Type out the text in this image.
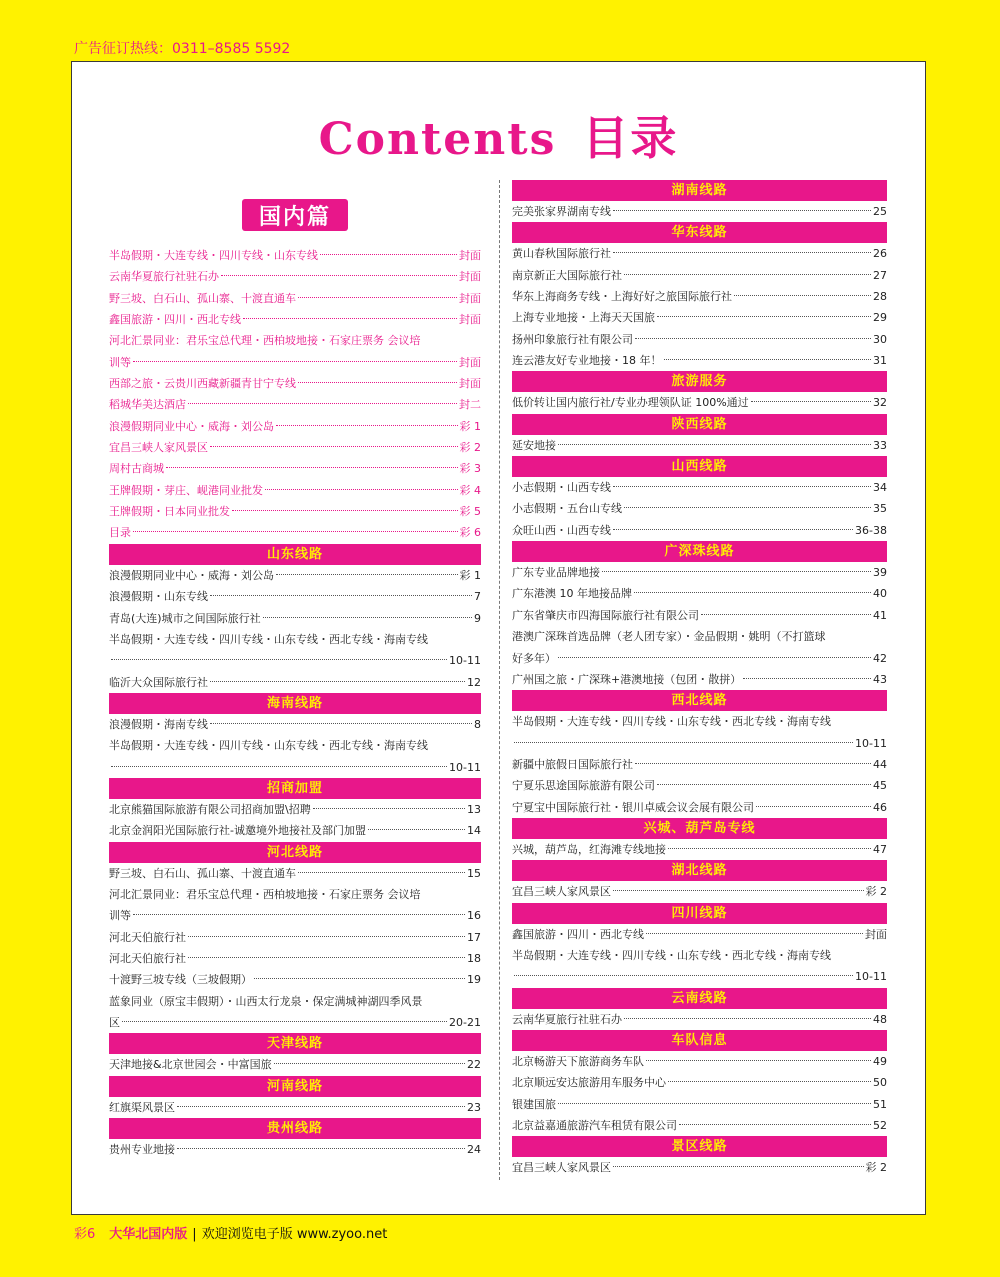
广告征订热线：0311–8585 5592
Contents 目录
国内篇
半岛假期・大连专线・四川专线・山东专线	封面
云南华夏旅行社驻石办	封面
野三坡、白石山、孤山寨、十渡直通车	封面
鑫国旅游・四川・西北专线	封面
河北汇景同业：君乐宝总代理・西柏坡地接・石家庄票务 会议培
训等	封面
西部之旅・云贵川西藏新疆青甘宁专线	封面
稻城华美达酒店	封二
浪漫假期同业中心・威海・刘公岛	彩 1
宜昌三峡人家风景区	彩 2
周村古商城	彩 3
王牌假期・芽庄、岘港同业批发	彩 4
王牌假期・日本同业批发	彩 5
目录	彩 6
山东线路
浪漫假期同业中心・威海・刘公岛	彩 1
浪漫假期・山东专线	7
青岛(大连)城市之间国际旅行社	9
半岛假期・大连专线・四川专线・山东专线・西北专线・海南专线
10-11
临沂大众国际旅行社	12
海南线路
浪漫假期・海南专线	8
半岛假期・大连专线・四川专线・山东专线・西北专线・海南专线
10-11
招商加盟
北京熊猫国际旅游有限公司招商加盟\招聘	13
北京金润阳光国际旅行社-诚邀境外地接社及部门加盟	14
河北线路
野三坡、白石山、孤山寨、十渡直通车	15
河北汇景同业：君乐宝总代理・西柏坡地接・石家庄票务 会议培
训等	16
河北天伯旅行社	17
河北天伯旅行社	18
十渡野三坡专线（三坡假期）	19
蓝象同业（原宝丰假期）・山西太行龙泉・保定满城神湖四季风景
区	20-21
天津线路
天津地接&北京世园会・中富国旅	22
河南线路
红旗渠风景区	23
贵州线路
贵州专业地接	24
湖南线路
完美张家界湖南专线	25
华东线路
黄山春秋国际旅行社	26
南京新正大国际旅行社	27
华东上海商务专线・上海好好之旅国际旅行社	28
上海专业地接・上海天天国旅	29
扬州印象旅行社有限公司	30
连云港友好专业地接・18 年！	31
旅游服务
低价转让国内旅行社/专业办理领队证 100%通过	32
陕西线路
延安地接	33
山西线路
小志假期・山西专线	34
小志假期・五台山专线	35
众旺山西・山西专线	36-38
广深珠线路
广东专业品牌地接	39
广东港澳 10 年地接品牌	40
广东省肇庆市四海国际旅行社有限公司	41
港澳广深珠首选品牌（老人团专家）・金品假期・姚明（不打篮球
好多年）	42
广州国之旅・广深珠+港澳地接（包团・散拼）	43
西北线路
半岛假期・大连专线・四川专线・山东专线・西北专线・海南专线
10-11
新疆中旅假日国际旅行社	44
宁夏乐思途国际旅游有限公司	45
宁夏宝中国际旅行社・银川卓威会议会展有限公司	46
兴城、葫芦岛专线
兴城，葫芦岛，红海滩专线地接	47
湖北线路
宜昌三峡人家风景区	彩 2
四川线路
鑫国旅游・四川・西北专线	封面
半岛假期・大连专线・四川专线・山东专线・西北专线・海南专线
10-11
云南线路
云南华夏旅行社驻石办	48
车队信息
北京畅游天下旅游商务车队	49
北京顺远安达旅游用车服务中心	50
银建国旅	51
北京益嘉通旅游汽车租赁有限公司	52
景区线路
宜昌三峡人家风景区	彩 2
彩6 大华北国内版 | 欢迎浏览电子版 www.zyoo.net
